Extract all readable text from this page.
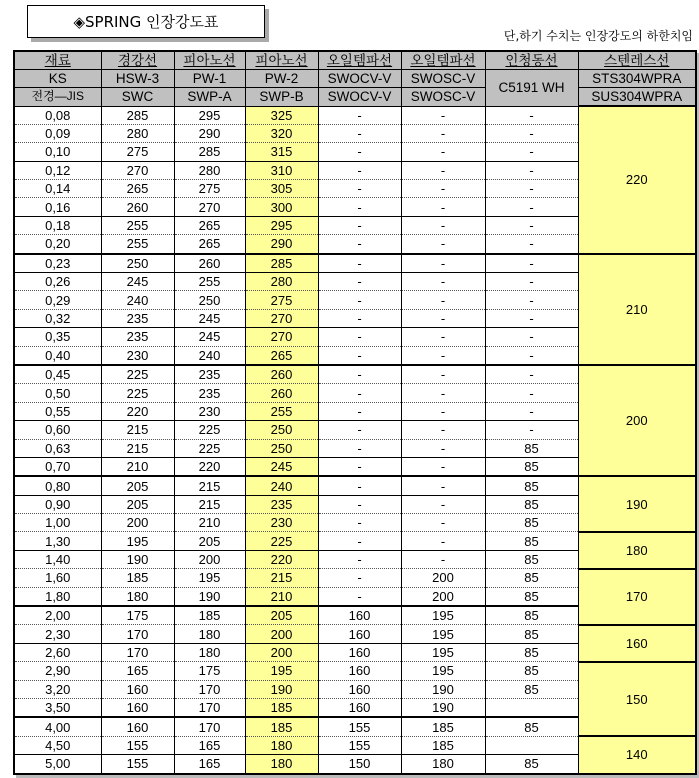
◈SPRING 인장강도표
단,하기 수치는 인장강도의 하한치임
재료	경강선	피아노선	피아노선	오일템파선	오일템파선	인청동선	스텐레스선
KS	HSW-3	PW-1	PW-2	SWOCV-V	SWOSC-V	C5191 WH	STS304WPRA
전경—JIS	SWC	SWP-A	SWP-B	SWOCV-V	SWOSC-V		SUS304WPRA
0,08	285	295	325	-	-	-	220
0,09	280	290	320	-	-	-	
0,10	275	285	315	-	-	-	
0,12	270	280	310	-	-	-	
0,14	265	275	305	-	-	-	
0,16	260	270	300	-	-	-	
0,18	255	265	295	-	-	-	
0,20	255	265	290	-	-	-	
0,23	250	260	285	-	-	-	210
0,26	245	255	280	-	-	-	
0,29	240	250	275	-	-	-	
0,32	235	245	270	-	-	-	
0,35	235	245	270	-	-	-	
0,40	230	240	265	-	-	-	
0,45	225	235	260	-	-	-	200
0,50	225	235	260	-	-	-	
0,55	220	230	255	-	-	-	
0,60	215	225	250	-	-	-	
0,63	215	225	250	-	-	85	
0,70	210	220	245	-	-	85	
0,80	205	215	240	-	-	85	190
0,90	205	215	235	-	-	85	
1,00	200	210	230	-	-	85	
1,30	195	205	225	-	-	85	180
1,40	190	200	220	-	-	85	
1,60	185	195	215	-	200	85	170
1,80	180	190	210	-	200	85	
2,00	175	185	205	160	195	85	
2,30	170	180	200	160	195	85	160
2,60	170	180	200	160	195	85	
2,90	165	175	195	160	195	85	150
3,20	160	170	190	160	190	85	
3,50	160	170	185	160	190		
4,00	160	170	185	155	185	85	
4,50	155	165	180	155	185		140
5,00	155	165	180	150	180	85	
